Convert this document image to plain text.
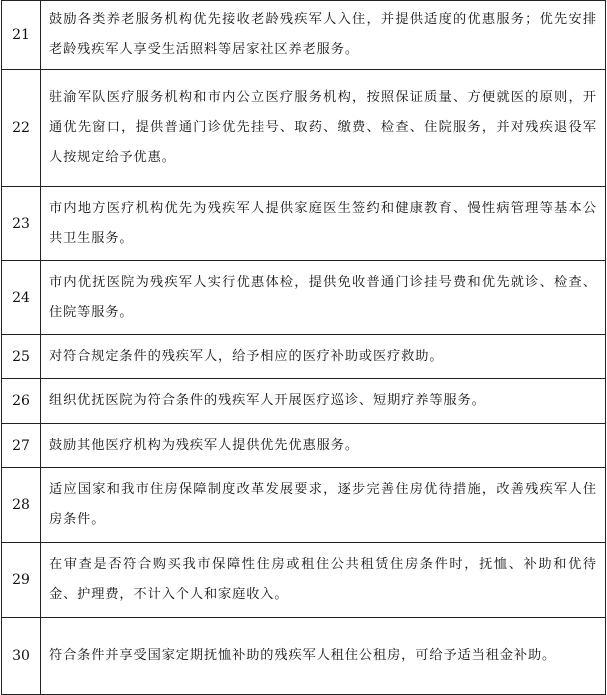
21	鼓励各类养老服务机构优先接收老龄残疾军人入住，并提供适度的优惠服务；优先安排老龄残疾军人享受生活照料等居家社区养老服务。
22	驻渝军队医疗服务机构和市内公立医疗服务机构，按照保证质量、方便就医的原则，开通优先窗口，提供普通门诊优先挂号、取药、缴费、检查、住院服务，并对残疾退役军人按规定给予优惠。
23	市内地方医疗机构优先为残疾军人提供家庭医生签约和健康教育、慢性病管理等基本公共卫生服务。
24	市内优抚医院为残疾军人实行优惠体检，提供免收普通门诊挂号费和优先就诊、检查、住院等服务。
25	对符合规定条件的残疾军人，给予相应的医疗补助或医疗救助。
26	组织优抚医院为符合条件的残疾军人开展医疗巡诊、短期疗养等服务。
27	鼓励其他医疗机构为残疾军人提供优先优惠服务。
28	适应国家和我市住房保障制度改革发展要求，逐步完善住房优待措施，改善残疾军人住房条件。
29	在审查是否符合购买我市保障性住房或租住公共租赁住房条件时，抚恤、补助和优待金、护理费，不计入个人和家庭收入。
30	符合条件并享受国家定期抚恤补助的残疾军人租住公租房，可给予适当租金补助。
